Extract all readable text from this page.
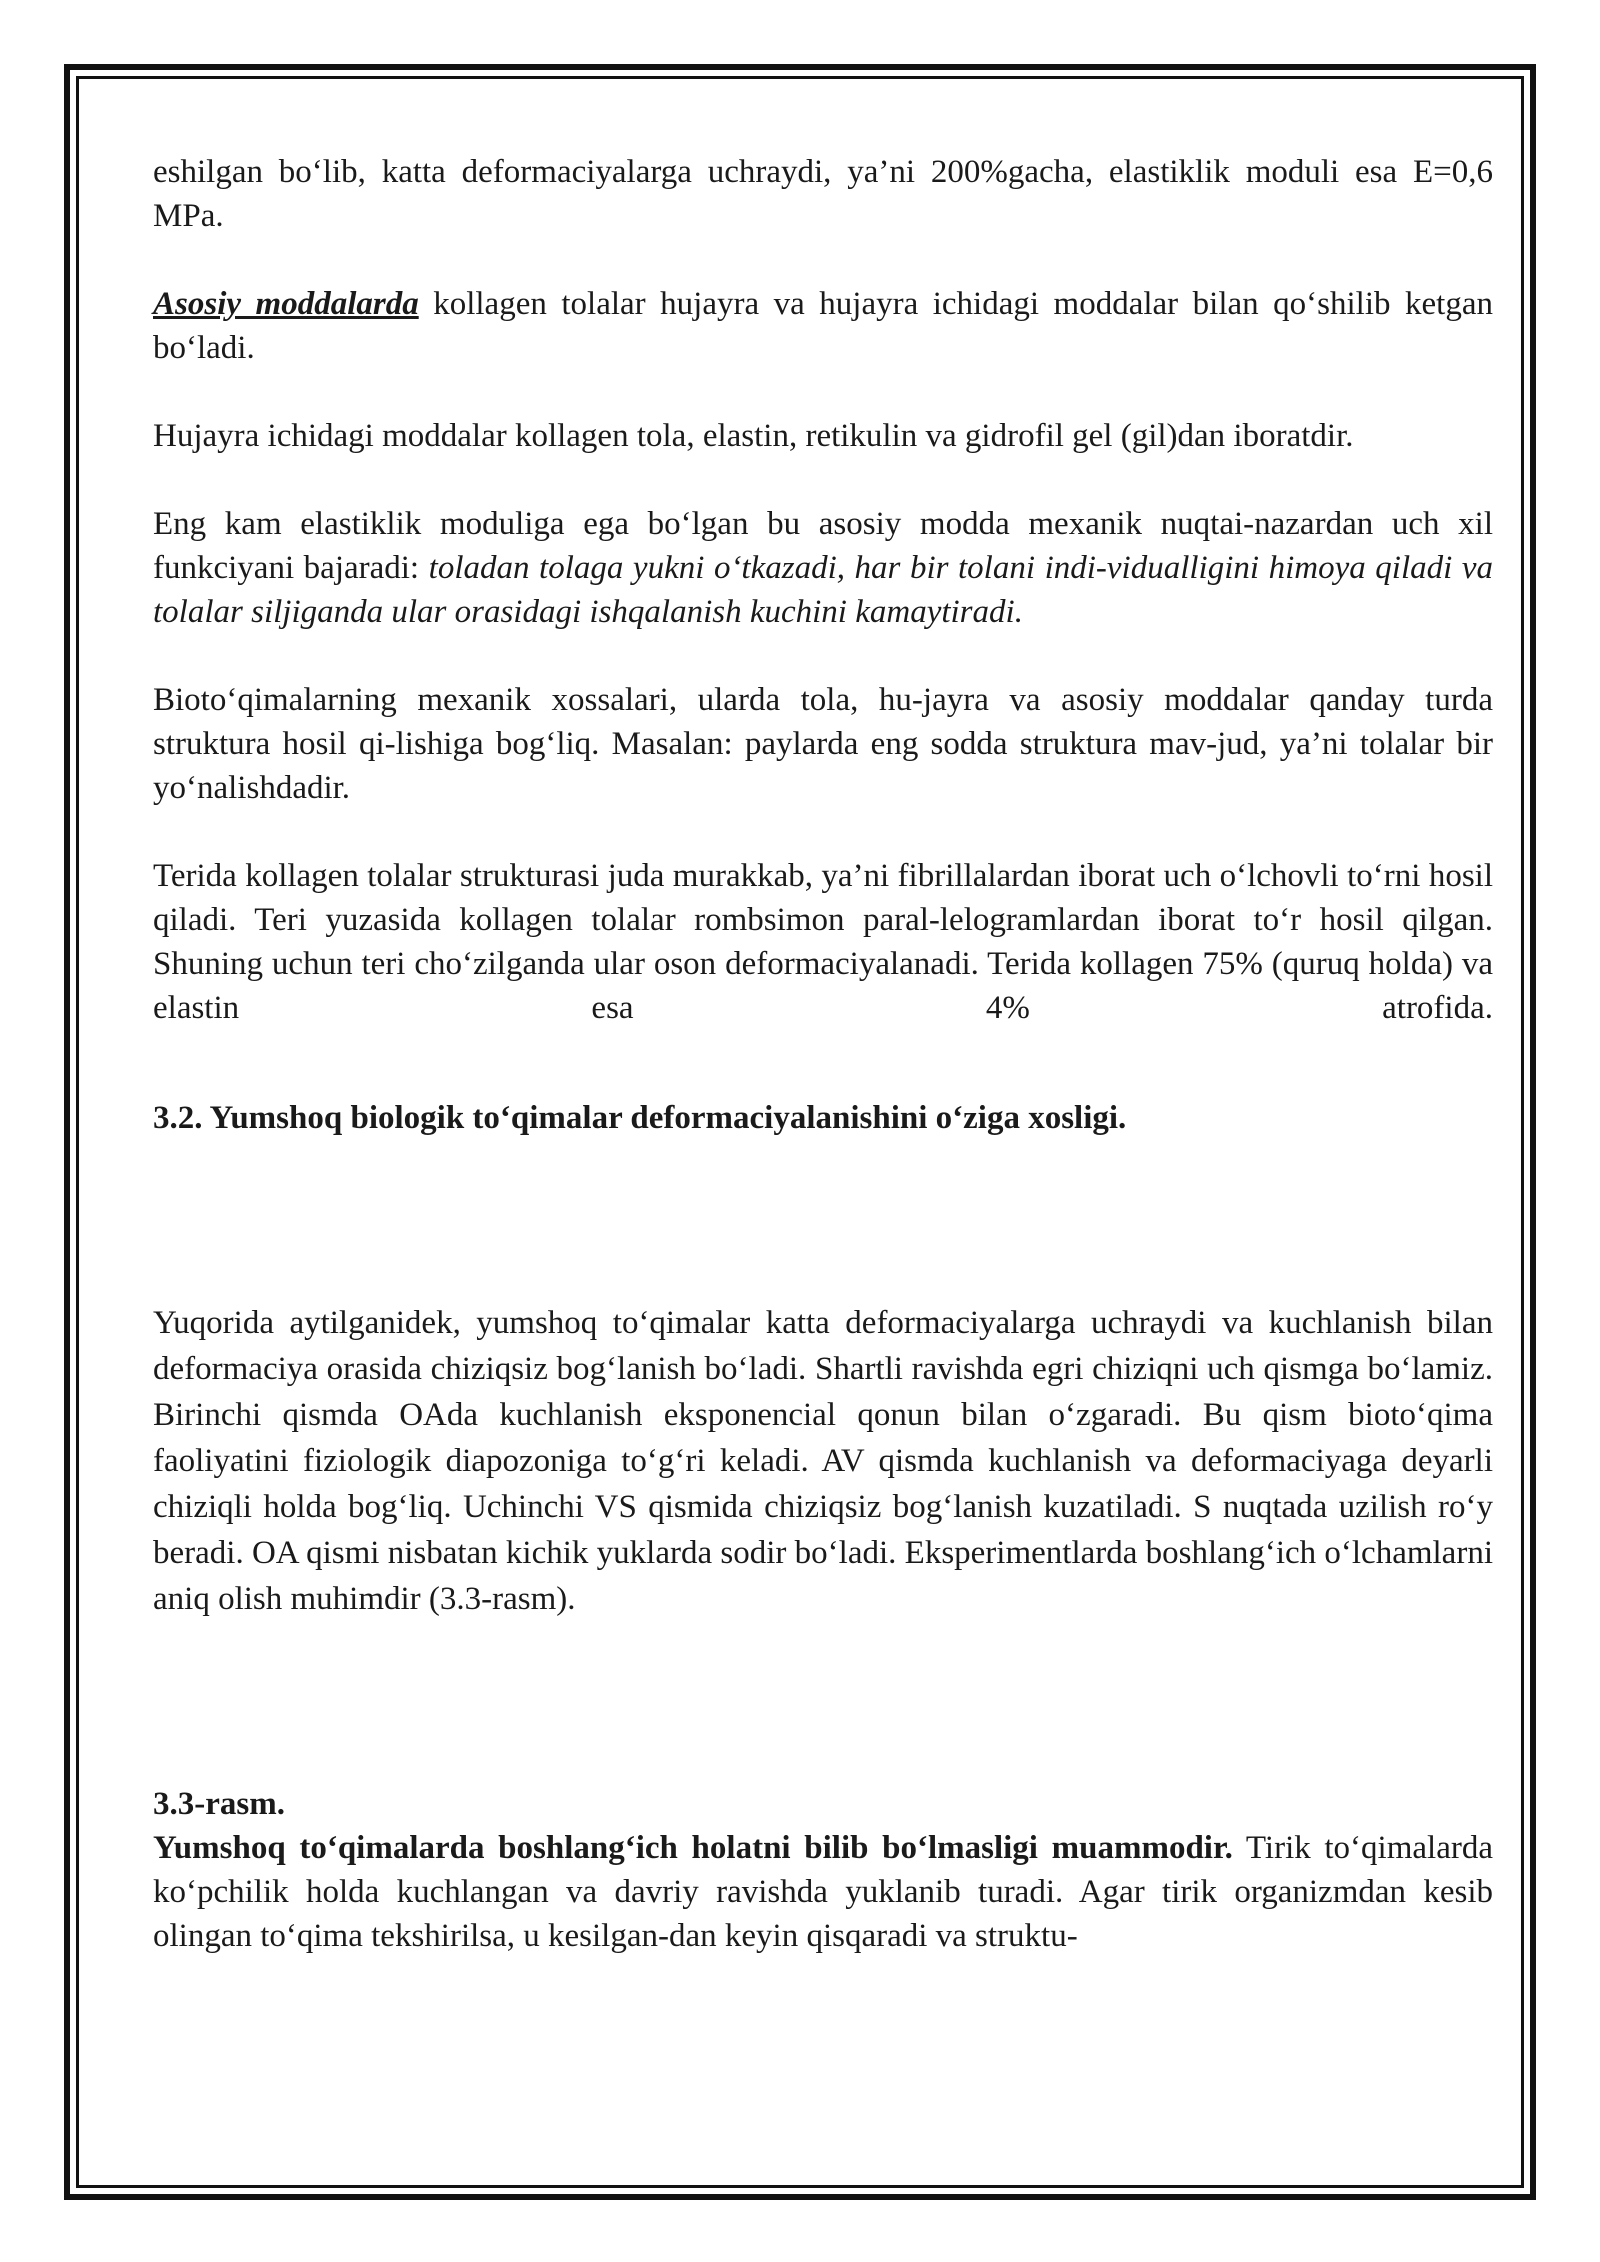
eshilgan bo‘lib, katta deformaciyalarga uchraydi, ya’ni 200%gacha, elastiklik moduli esa E=0,6 MPa.

Asosiy moddalarda kollagen tolalar hujayra va hujayra ichidagi moddalar bilan qo‘shilib ketgan bo‘ladi.

Hujayra ichidagi moddalar kollagen tola, elastin, retikulin va gidrofil gel (gil)dan iboratdir.

Eng kam elastiklik moduliga ega bo‘lgan bu asosiy modda mexanik nuqtai-nazardan uch xil funkciyani bajaradi: toladan tolaga yukni o‘tkazadi, har bir tolani indi-vidualligini himoya qiladi va tolalar siljiganda ular orasidagi ishqalanish kuchini kamaytiradi.

Bioto‘qimalarning mexanik xossalari, ularda tola, hu-jayra va asosiy moddalar qanday turda struktura hosil qi-lishiga bog‘liq. Masalan: paylarda eng sodda struktura mav-jud, ya’ni tolalar bir yo‘nalishdadir.

Terida kollagen tolalar strukturasi juda murakkab, ya’ni fibrillalardan iborat uch o‘lchovli to‘rni hosil qiladi. Teri yuzasida kollagen tolalar rombsimon paral-lelogramlardan iborat to‘r hosil qilgan. Shuning uchun teri cho‘zilganda ular oson deformaciyalanadi. Terida kollagen 75% (quruq holda) va elastin esa 4% atrofida.

3.2. Yumshoq biologik to‘qimalar deformaciyalanishini o‘ziga xosligi.

Yuqorida aytilganidek, yumshoq to‘qimalar katta deformaciyalarga uchraydi va kuchlanish bilan deformaciya orasida chiziqsiz bog‘lanish bo‘ladi. Shartli ravishda egri chiziqni uch qismga bo‘lamiz. Birinchi qismda OAda kuchlanish eksponencial qonun bilan o‘zgaradi. Bu qism bioto‘qima faoliyatini fiziologik diapozoniga to‘g‘ri keladi. AV qismda kuchlanish va deformaciyaga deyarli chiziqli holda bog‘liq. Uchinchi VS qismida chiziqsiz bog‘lanish kuzatiladi. S nuqtada uzilish ro‘y beradi. OA qismi nisbatan kichik yuklarda sodir bo‘ladi. Eksperimentlarda boshlang‘ich o‘lchamlarni aniq olish muhimdir (3.3-rasm).

3.3-rasm.

Yumshoq to‘qimalarda boshlang‘ich holatni bilib bo‘lmasligi muammodir. Tirik to‘qimalarda ko‘pchilik holda kuchlangan va davriy ravishda yuklanib turadi. Agar tirik organizmdan kesib olingan to‘qima tekshirilsa, u kesilgan-dan keyin qisqaradi va struktu-
